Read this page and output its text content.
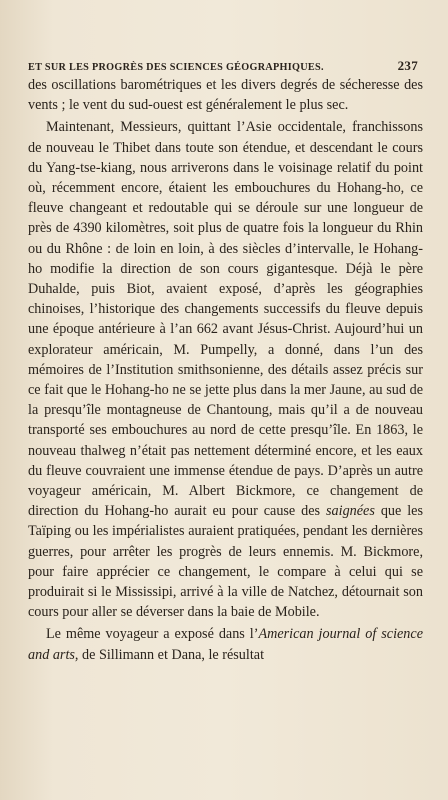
ET SUR LES PROGRÈS DES SCIENCES GÉOGRAPHIQUES.	237

des oscillations barométriques et les divers degrés de sécheresse des vents ; le vent du sud-ouest est généralement le plus sec.

Maintenant, Messieurs, quittant l’Asie occidentale, franchissons de nouveau le Thibet dans toute son étendue, et descendant le cours du Yang-tse-kiang, nous arriverons dans le voisinage relatif du point où, récemment encore, étaient les embouchures du Hohang-ho, ce fleuve changeant et redoutable qui se déroule sur une longueur de près de 4390 kilomètres, soit plus de quatre fois la longueur du Rhin ou du Rhône : de loin en loin, à des siècles d’intervalle, le Hohang-ho modifie la direction de son cours gigantesque. Déjà le père Duhalde, puis Biot, avaient exposé, d’après les géographies chinoises, l’historique des changements successifs du fleuve depuis une époque antérieure à l’an 662 avant Jésus-Christ. Aujourd’hui un explorateur américain, M. Pumpelly, a donné, dans l’un des mémoires de l’Institution smithsonienne, des détails assez précis sur ce fait que le Hohang-ho ne se jette plus dans la mer Jaune, au sud de la presqu’île montagneuse de Chantoung, mais qu’il a de nouveau transporté ses embouchures au nord de cette presqu’île. En 1863, le nouveau thalweg n’était pas nettement déterminé encore, et les eaux du fleuve couvraient une immense étendue de pays. D’après un autre voyageur américain, M. Albert Bickmore, ce changement de direction du Hohang-ho aurait eu pour cause des saignées que les Taïping ou les impérialistes auraient pratiquées, pendant les dernières guerres, pour arrêter les progrès de leurs ennemis. M. Bickmore, pour faire apprécier ce changement, le compare à celui qui se produirait si le Mississipi, arrivé à la ville de Natchez, détournait son cours pour aller se déverser dans la baie de Mobile.

Le même voyageur a exposé dans l’American journal of science and arts, de Sillimann et Dana, le résultat
